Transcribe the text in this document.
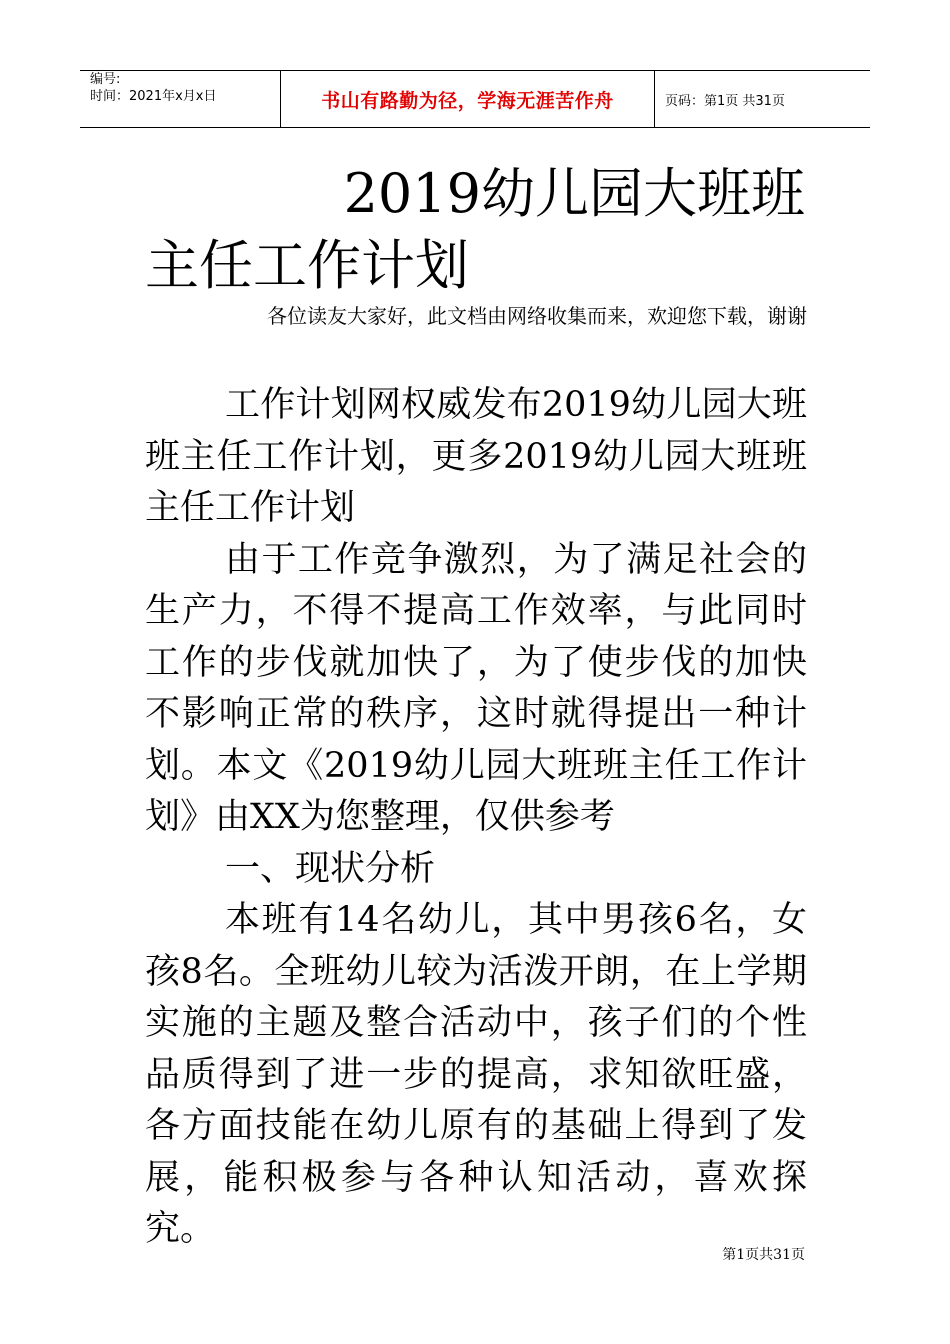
编号:
时间：2021年x月x日	书山有路勤为径，学海无涯苦作舟	页码：第1页 共31页
2019幼儿园大班班
主任工作计划
各位读友大家好，此文档由网络收集而来，欢迎您下载，谢谢

工作计划网权威发布2019幼儿园大班班主任工作计划，更多2019幼儿园大班班主任工作计划

由于工作竞争激烈，为了满足社会的生产力，不得不提高工作效率，与此同时工作的步伐就加快了，为了使步伐的加快不影响正常的秩序，这时就得提出一种计划。本文《2019幼儿园大班班主任工作计划》由XX为您整理，仅供参考

一、现状分析

本班有14名幼儿，其中男孩6名，女孩8名。全班幼儿较为活泼开朗，在上学期实施的主题及整合活动中，孩子们的个性品质得到了进一步的提高，求知欲旺盛，各方面技能在幼儿原有的基础上得到了发展，能积极参与各种认知活动，喜欢探究。

第1页共31页
